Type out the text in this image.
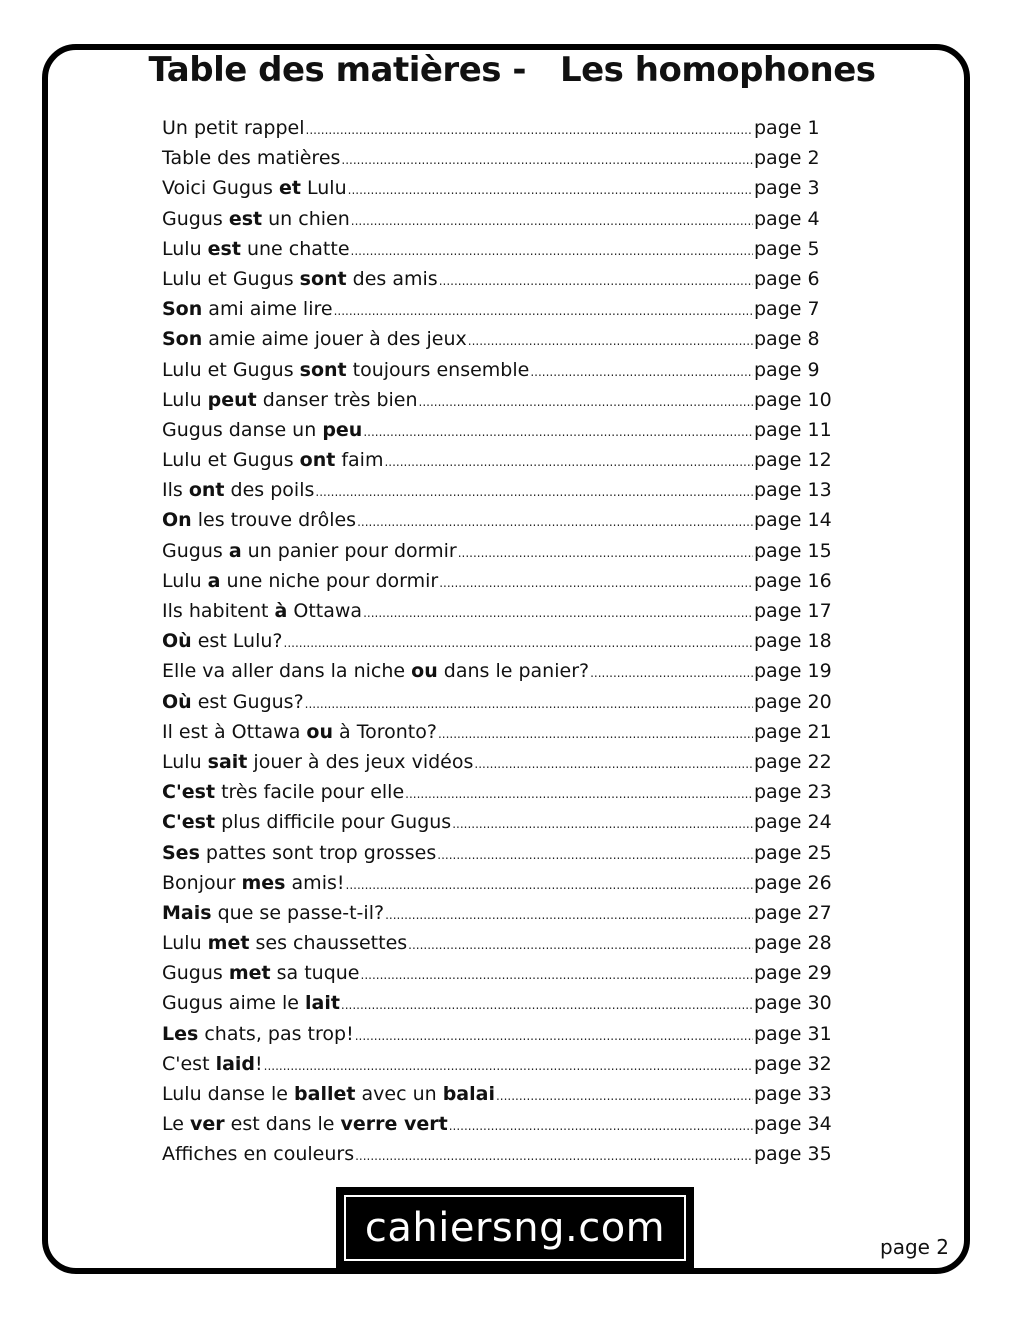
Table des matières - Les homophones
Un petit rappel .....	page 1
Table des matières .....	page 2
Voici Gugus et Lulu .....	page 3
Gugus est un chien .....	page 4
Lulu est une chatte .....	page 5
Lulu et Gugus sont des amis .....	page 6
Son ami aime lire .....	page 7
Son amie aime jouer à des jeux .....	page 8
Lulu et Gugus sont toujours ensemble .....	page 9
Lulu peut danser très bien .....	page 10
Gugus danse un peu .....	page 11
Lulu et Gugus ont faim .....	page 12
Ils ont des poils .....	page 13
On les trouve drôles .....	page 14
Gugus a un panier pour dormir .....	page 15
Lulu a une niche pour dormir .....	page 16
Ils habitent à Ottawa .....	page 17
Où est Lulu? .....	page 18
Elle va aller dans la niche ou dans le panier? .....	page 19
Où est Gugus? .....	page 20
Il est à Ottawa ou à Toronto? .....	page 21
Lulu sait jouer à des jeux vidéos .....	page 22
C'est très facile pour elle .....	page 23
C'est plus difficile pour Gugus .....	page 24
Ses pattes sont trop grosses .....	page 25
Bonjour mes amis! .....	page 26
Mais que se passe-t-il? .....	page 27
Lulu met ses chaussettes .....	page 28
Gugus met sa tuque .....	page 29
Gugus aime le lait .....	page 30
Les chats, pas trop! .....	page 31
C'est laid! .....	page 32
Lulu danse le ballet avec un balai .....	page 33
Le ver est dans le verre vert .....	page 34
Affiches en couleurs .....	page 35
cahiersng.com	page 2
